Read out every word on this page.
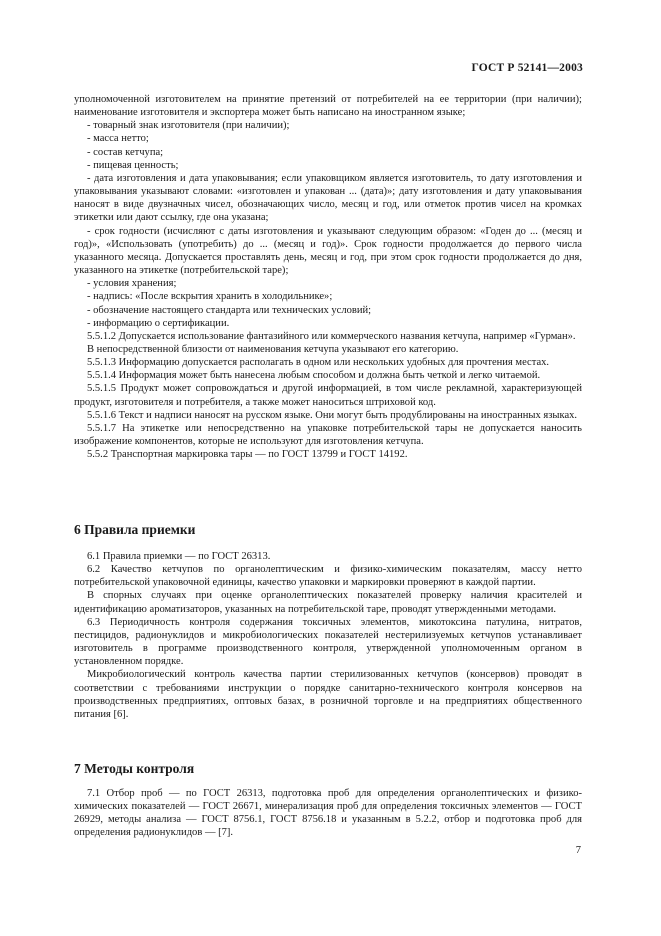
ГОСТ Р 52141—2003

уполномоченной изготовителем на принятие претензий от потребителей на ее территории (при наличии); наименование изготовителя и экспортера может быть написано на иностранном языке;

- товарный знак изготовителя (при наличии);

- масса нетто;

- состав кетчупа;

- пищевая ценность;

- дата изготовления и дата упаковывания; если упаковщиком является изготовитель, то дату изготовления и упаковывания указывают словами: «изготовлен и упакован ... (дата)»; дату изготовления и дату упаковывания наносят в виде двузначных чисел, обозначающих число, месяц и год, или отметок против чисел на кромках этикетки или дают ссылку, где она указана;

- срок годности (исчисляют с даты изготовления и указывают следующим образом: «Годен до ... (месяц и год)», «Использовать (употребить) до ... (месяц и год)». Срок годности продолжается до первого числа указанного месяца. Допускается проставлять день, месяц и год, при этом срок годности продолжается до дня, указанного на этикетке (потребительской таре);

- условия хранения;

- надпись: «После вскрытия хранить в холодильнике»;

- обозначение настоящего стандарта или технических условий;

- информацию о сертификации.

5.5.1.2 Допускается использование фантазийного или коммерческого названия кетчупа, например «Гурман».

В непосредственной близости от наименования кетчупа указывают его категорию.

5.5.1.3 Информацию допускается располагать в одном или нескольких удобных для прочтения местах.

5.5.1.4 Информация может быть нанесена любым способом и должна быть четкой и легко читаемой.

5.5.1.5 Продукт может сопровождаться и другой информацией, в том числе рекламной, характеризующей продукт, изготовителя и потребителя, а также может наноситься штриховой код.

5.5.1.6 Текст и надписи наносят на русском языке. Они могут быть продублированы на иностранных языках.

5.5.1.7 На этикетке или непосредственно на упаковке потребительской тары не допускается наносить изображение компонентов, которые не используют для изготовления кетчупа.

5.5.2 Транспортная маркировка тары — по ГОСТ 13799 и ГОСТ 14192.

6 Правила приемки

6.1 Правила приемки — по ГОСТ 26313.

6.2 Качество кетчупов по органолептическим и физико-химическим показателям, массу нетто потребительской упаковочной единицы, качество упаковки и маркировки проверяют в каждой партии.

В спорных случаях при оценке органолептических показателей проверку наличия красителей и идентификацию ароматизаторов, указанных на потребительской таре, проводят утвержденными методами.

6.3 Периодичность контроля содержания токсичных элементов, микотоксина патулина, нитратов, пестицидов, радионуклидов и микробиологических показателей нестерилизуемых кетчупов устанавливает изготовитель в программе производственного контроля, утвержденной уполномоченным органом в установленном порядке.

Микробиологический контроль качества партии стерилизованных кетчупов (консервов) проводят в соответствии с требованиями инструкции о порядке санитарно-технического контроля консервов на производственных предприятиях, оптовых базах, в розничной торговле и на предприятиях общественного питания [6].

7 Методы контроля

7.1 Отбор проб — по ГОСТ 26313, подготовка проб для определения органолептических и физико-химических показателей — ГОСТ 26671, минерализация проб для определения токсичных элементов — ГОСТ 26929, методы анализа — ГОСТ 8756.1, ГОСТ 8756.18 и указанным в 5.2.2, отбор и подготовка проб для определения радионуклидов — [7].

7
